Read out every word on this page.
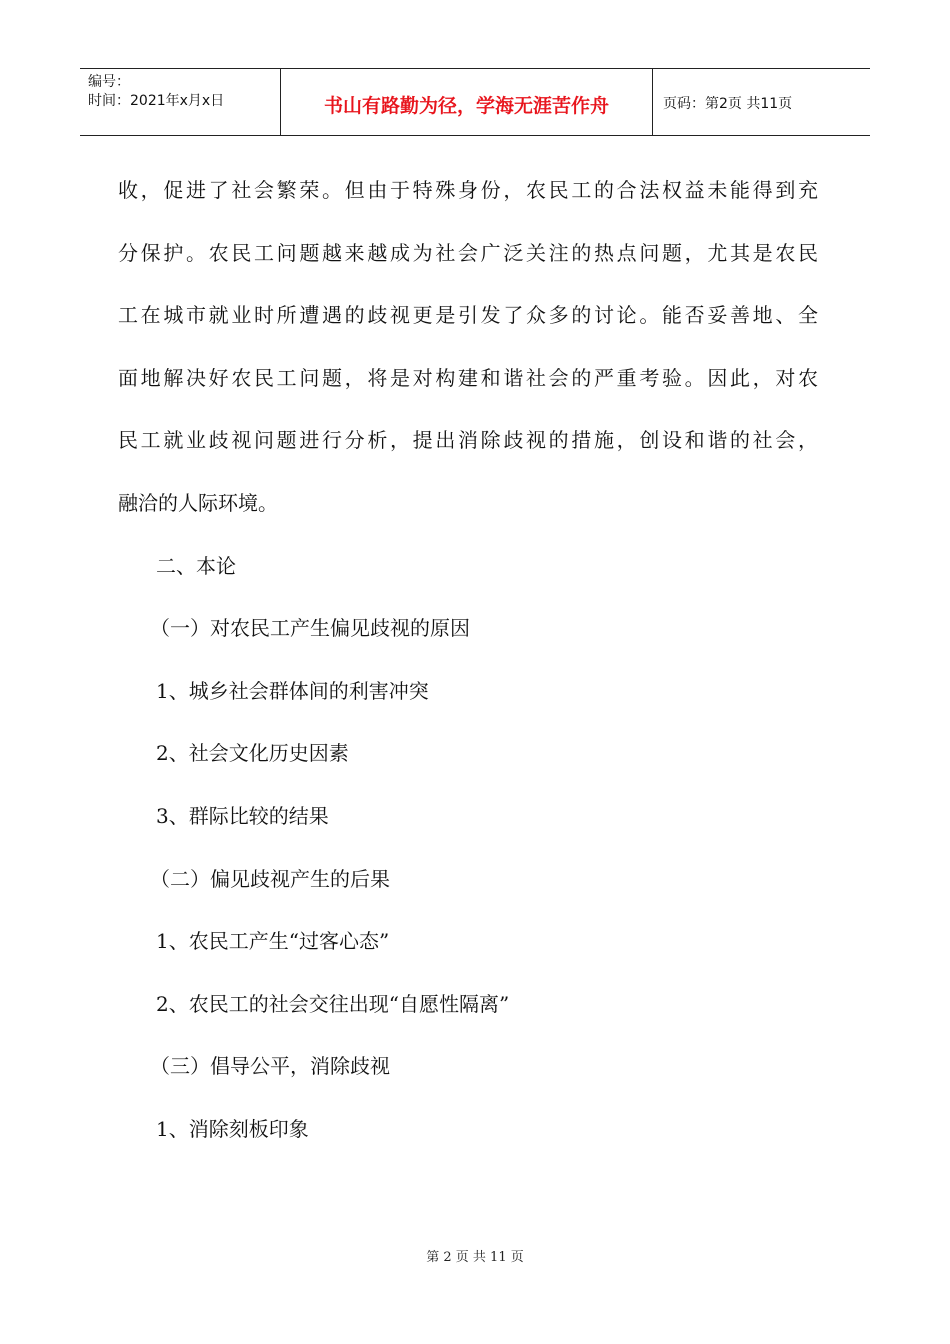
编号：
时间：2021年x月x日	书山有路勤为径，学海无涯苦作舟	页码：第2页 共11页
收，促进了社会繁荣。但由于特殊身份，农民工的合法权益未能得到充
分保护。农民工问题越来越成为社会广泛关注的热点问题，尤其是农民
工在城市就业时所遭遇的歧视更是引发了众多的讨论。能否妥善地、全
面地解决好农民工问题，将是对构建和谐社会的严重考验。因此，对农
民工就业歧视问题进行分析，提出消除歧视的措施，创设和谐的社会，
融洽的人际环境。
二、本论
（一）对农民工产生偏见歧视的原因
1、城乡社会群体间的利害冲突
2、社会文化历史因素
3、群际比较的结果
（二）偏见歧视产生的后果
1、农民工产生“过客心态”
2、农民工的社会交往出现“自愿性隔离”
（三）倡导公平，消除歧视
1、消除刻板印象
第 2 页 共 11 页
